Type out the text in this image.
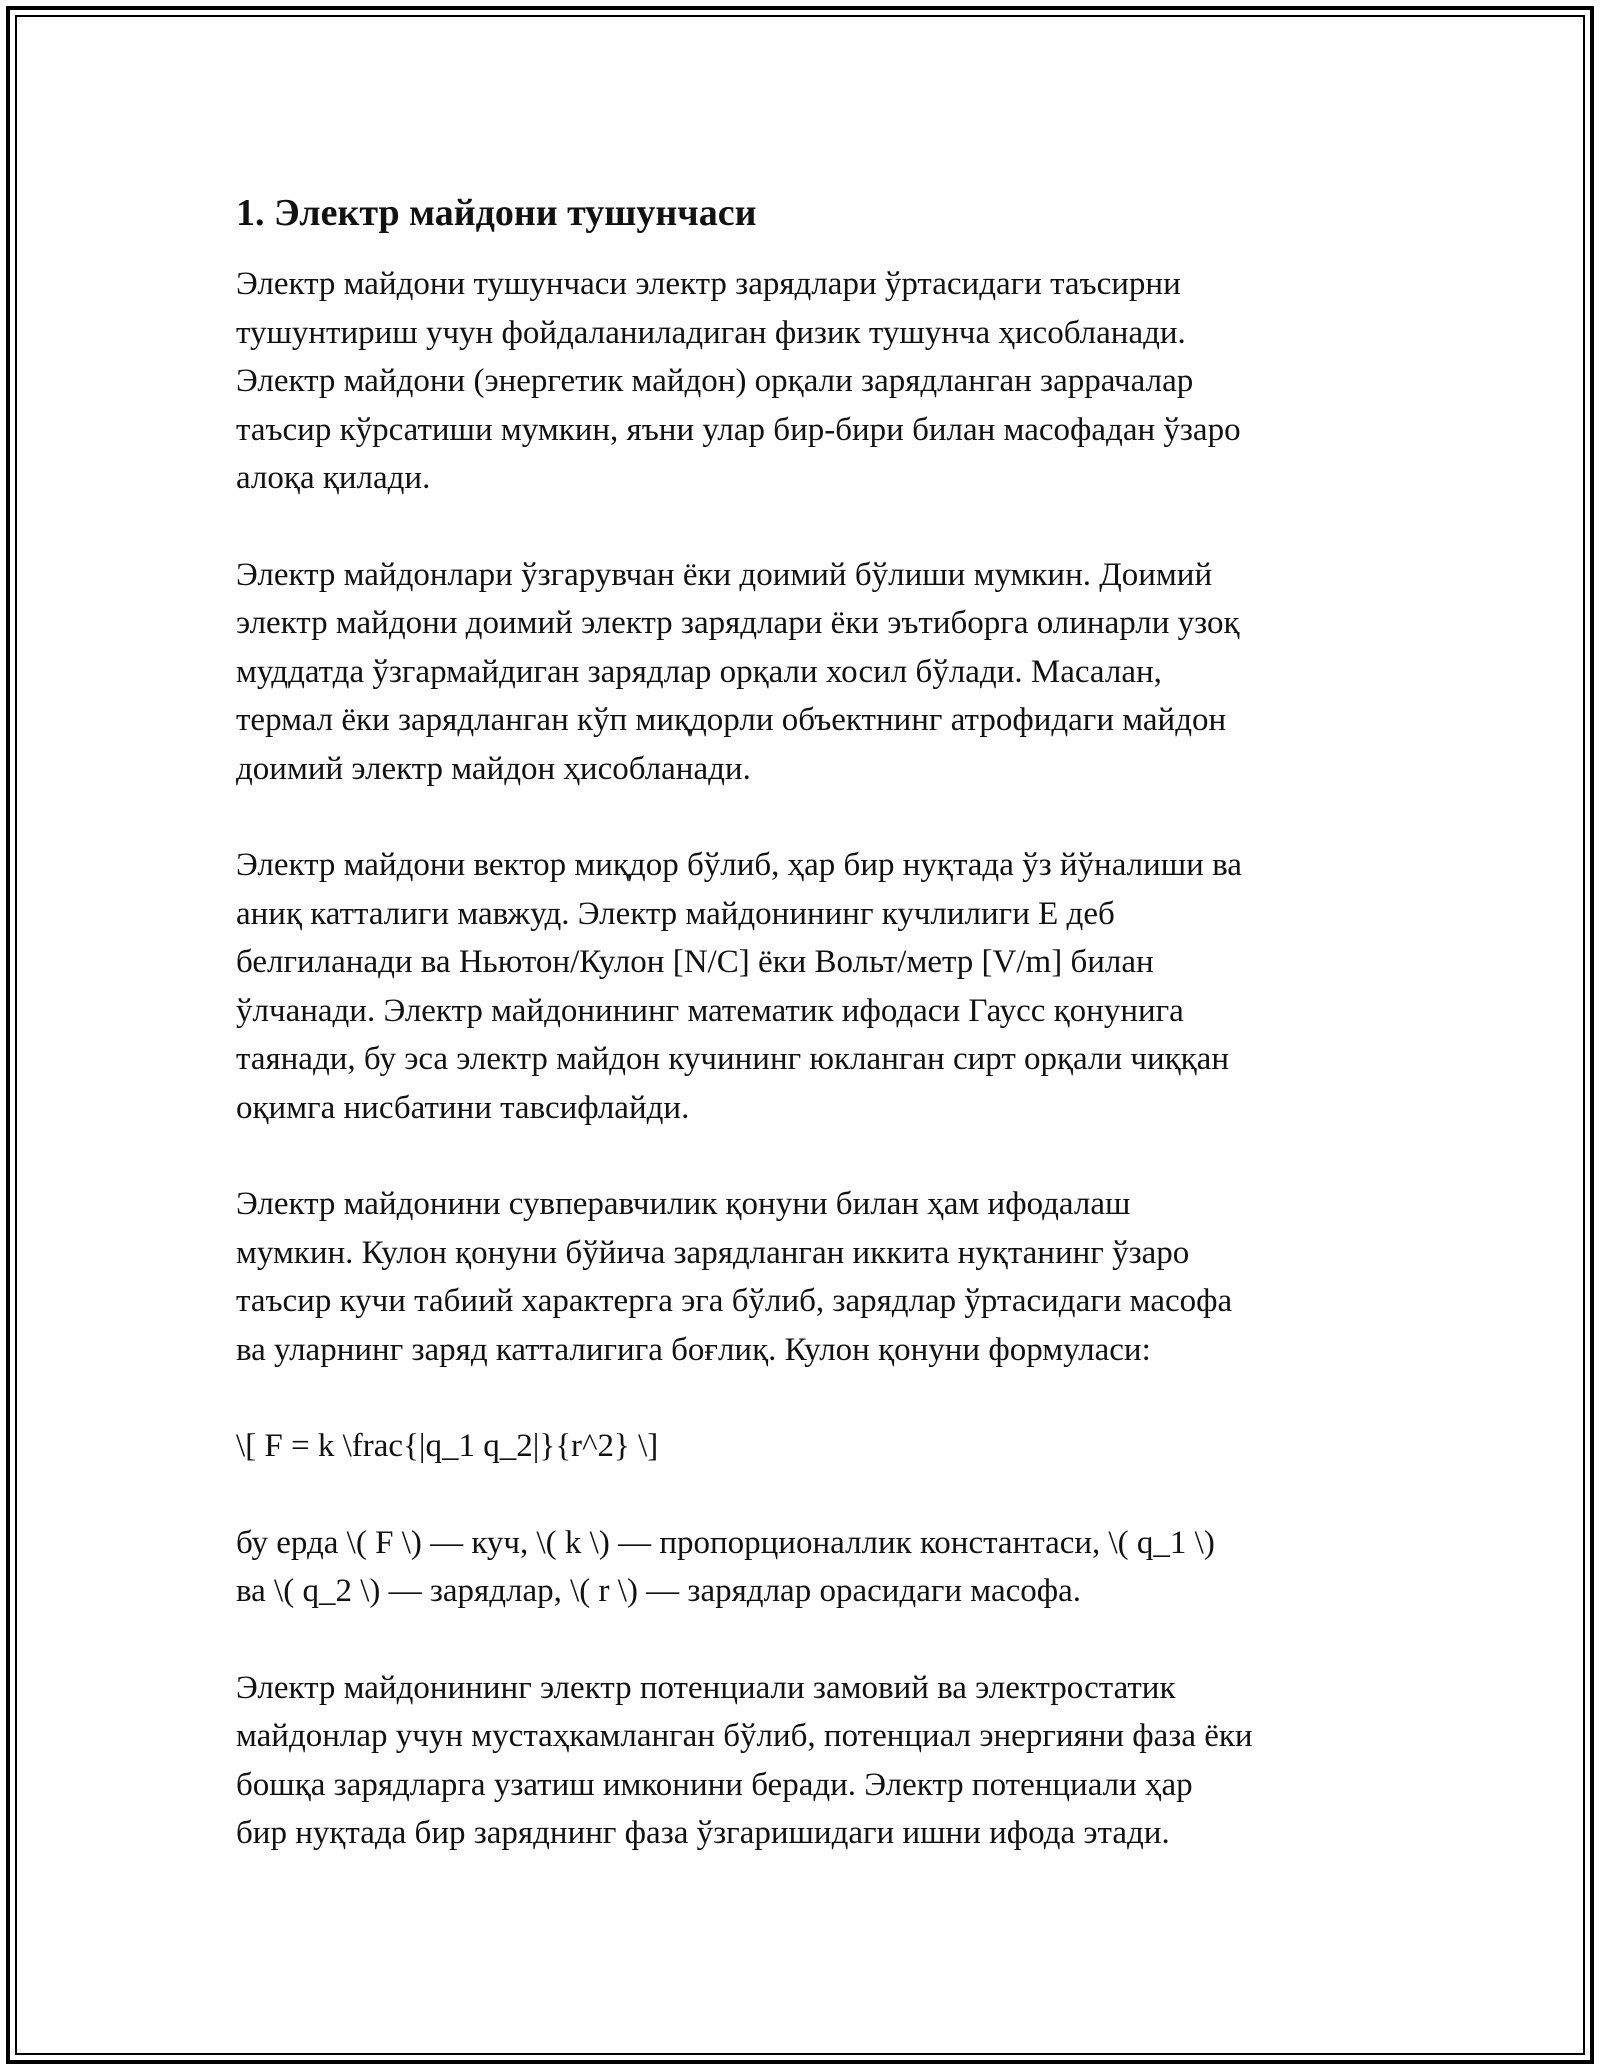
1. Электр майдони тушунчаси
Электр майдони тушунчаси электр зарядлари ўртасидаги таъсирни
тушунтириш учун фойдаланиладиган физик тушунча ҳисобланади.
Электр майдони (энергетик майдон) орқали зарядланган заррачалар
таъсир кўрсатиши мумкин, яъни улар бир-бири билан масофадан ўзаро
алоқа қилади.
Электр майдонлари ўзгарувчан ёки доимий бўлиши мумкин. Доимий
электр майдони доимий электр зарядлари ёки эътиборга олинарли узоқ
муддатда ўзгармайдиган зарядлар орқали хосил бўлади. Масалан,
термал ёки зарядланган кўп миқдорли объектнинг атрофидаги майдон
доимий электр майдон ҳисобланади.
Электр майдони вектор миқдор бўлиб, ҳар бир нуқтада ўз йўналиши ва
аниқ катталиги мавжуд. Электр майдонининг кучлилиги E деб
белгиланади ва Ньютон/Кулон [N/C] ёки Вольт/метр [V/m] билан
ўлчанади. Электр майдонининг математик ифодаси Гаусс қонунига
таянади, бу эса электр майдон кучининг юкланган сирт орқали чиққан
оқимга нисбатини тавсифлайди.
Электр майдонини сувперавчилик қонуни билан ҳам ифодалаш
мумкин. Кулон қонуни бўйича зарядланган иккита нуқтанинг ўзаро
таъсир кучи табиий характерга эга бўлиб, зарядлар ўртасидаги масофа
ва уларнинг заряд катталигига боғлиқ. Кулон қонуни формуласи:
\[ F = k \frac{|q_1 q_2|}{r^2} \]
бу ерда \( F \) — куч, \( k \) — пропорционаллик константаси, \( q_1 \)
ва \( q_2 \) — зарядлар, \( r \) — зарядлар орасидаги масофа.
Электр майдонининг электр потенциали замовий ва электростатик
майдонлар учун мустаҳкамланган бўлиб, потенциал энергияни фаза ёки
бошқа зарядларга узатиш имконини беради. Электр потенциали ҳар
бир нуқтада бир заряднинг фаза ўзгаришидаги ишни ифода этади.
